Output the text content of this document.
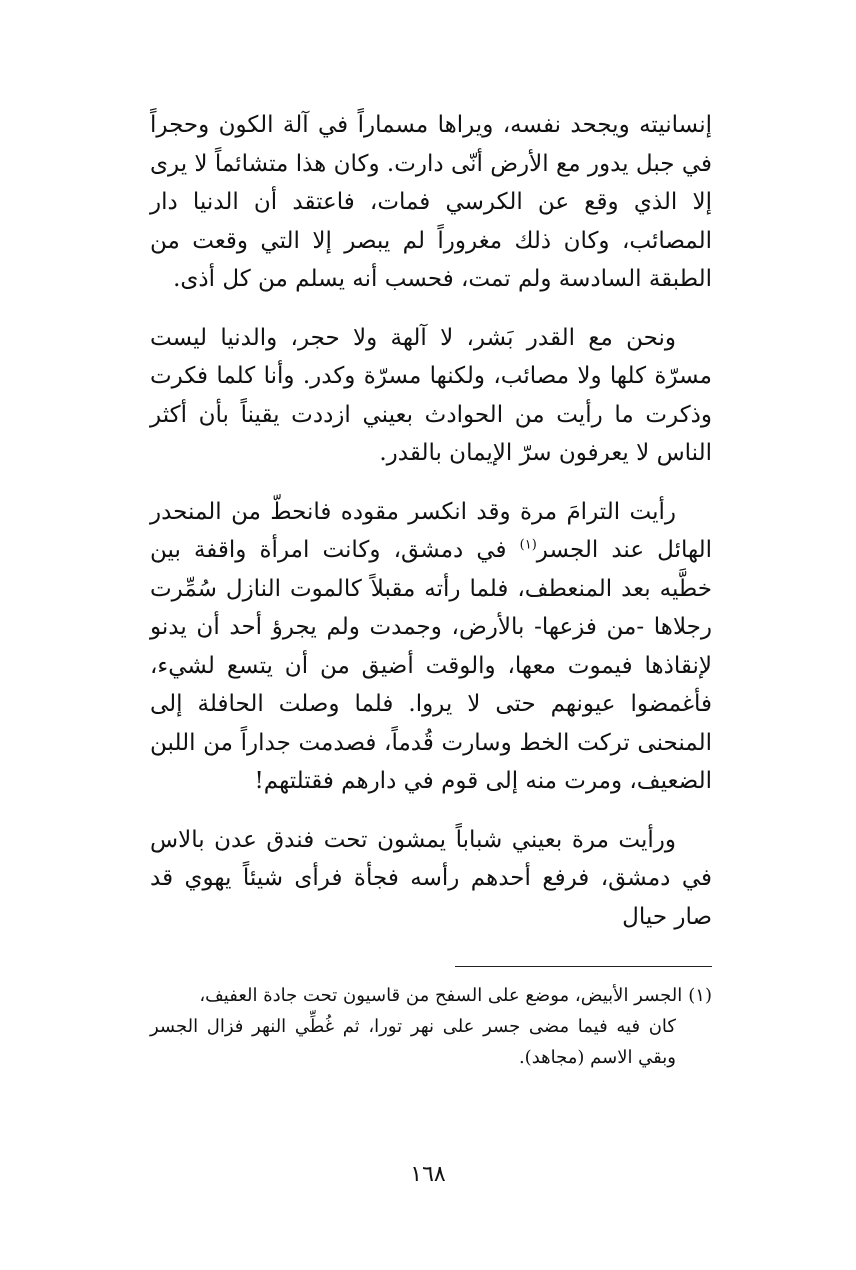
إنسانيته ويجحد نفسه، ويراها مسماراً في آلة الكون وحجراً في جبل يدور مع الأرض أنّى دارت. وكان هذا متشائماً لا يرى إلا الذي وقع عن الكرسي فمات، فاعتقد أن الدنيا دار المصائب، وكان ذلك مغروراً لم يبصر إلا التي وقعت من الطبقة السادسة ولم تمت، فحسب أنه يسلم من كل أذى.

ونحن مع القدر بَشر، لا آلهة ولا حجر، والدنيا ليست مسرّة كلها ولا مصائب، ولكنها مسرّة وكدر. وأنا كلما فكرت وذكرت ما رأيت من الحوادث بعيني ازددت يقيناً بأن أكثر الناس لا يعرفون سرّ الإيمان بالقدر.

رأيت الترامَ مرة وقد انكسر مقوده فانحطّ من المنحدر الهائل عند الجسر$^{(١)}$ في دمشق، وكانت امرأة واقفة بين خطَّيه بعد المنعطف، فلما رأته مقبلاً كالموت النازل سُمِّرت رجلاها -من فزعها- بالأرض، وجمدت ولم يجرؤ أحد أن يدنو لإنقاذها فيموت معها، والوقت أضيق من أن يتسع لشيء، فأغمضوا عيونهم حتى لا يروا. فلما وصلت الحافلة إلى المنحنى تركت الخط وسارت قُدماً، فصدمت جداراً من اللبن الضعيف، ومرت منه إلى قوم في دارهم فقتلتهم!

ورأيت مرة بعيني شباباً يمشون تحت فندق عدن بالاس في دمشق، فرفع أحدهم رأسه فجأة فرأى شيئاً يهوي قد صار حيال

(١)الجسر الأبيض، موضع على السفح من قاسيون تحت جادة العفيف،
كان فيه فيما مضى جسر على نهر تورا، ثم غُطِّي النهر فزال الجسر وبقي الاسم (مجاهد).
١٦٨
